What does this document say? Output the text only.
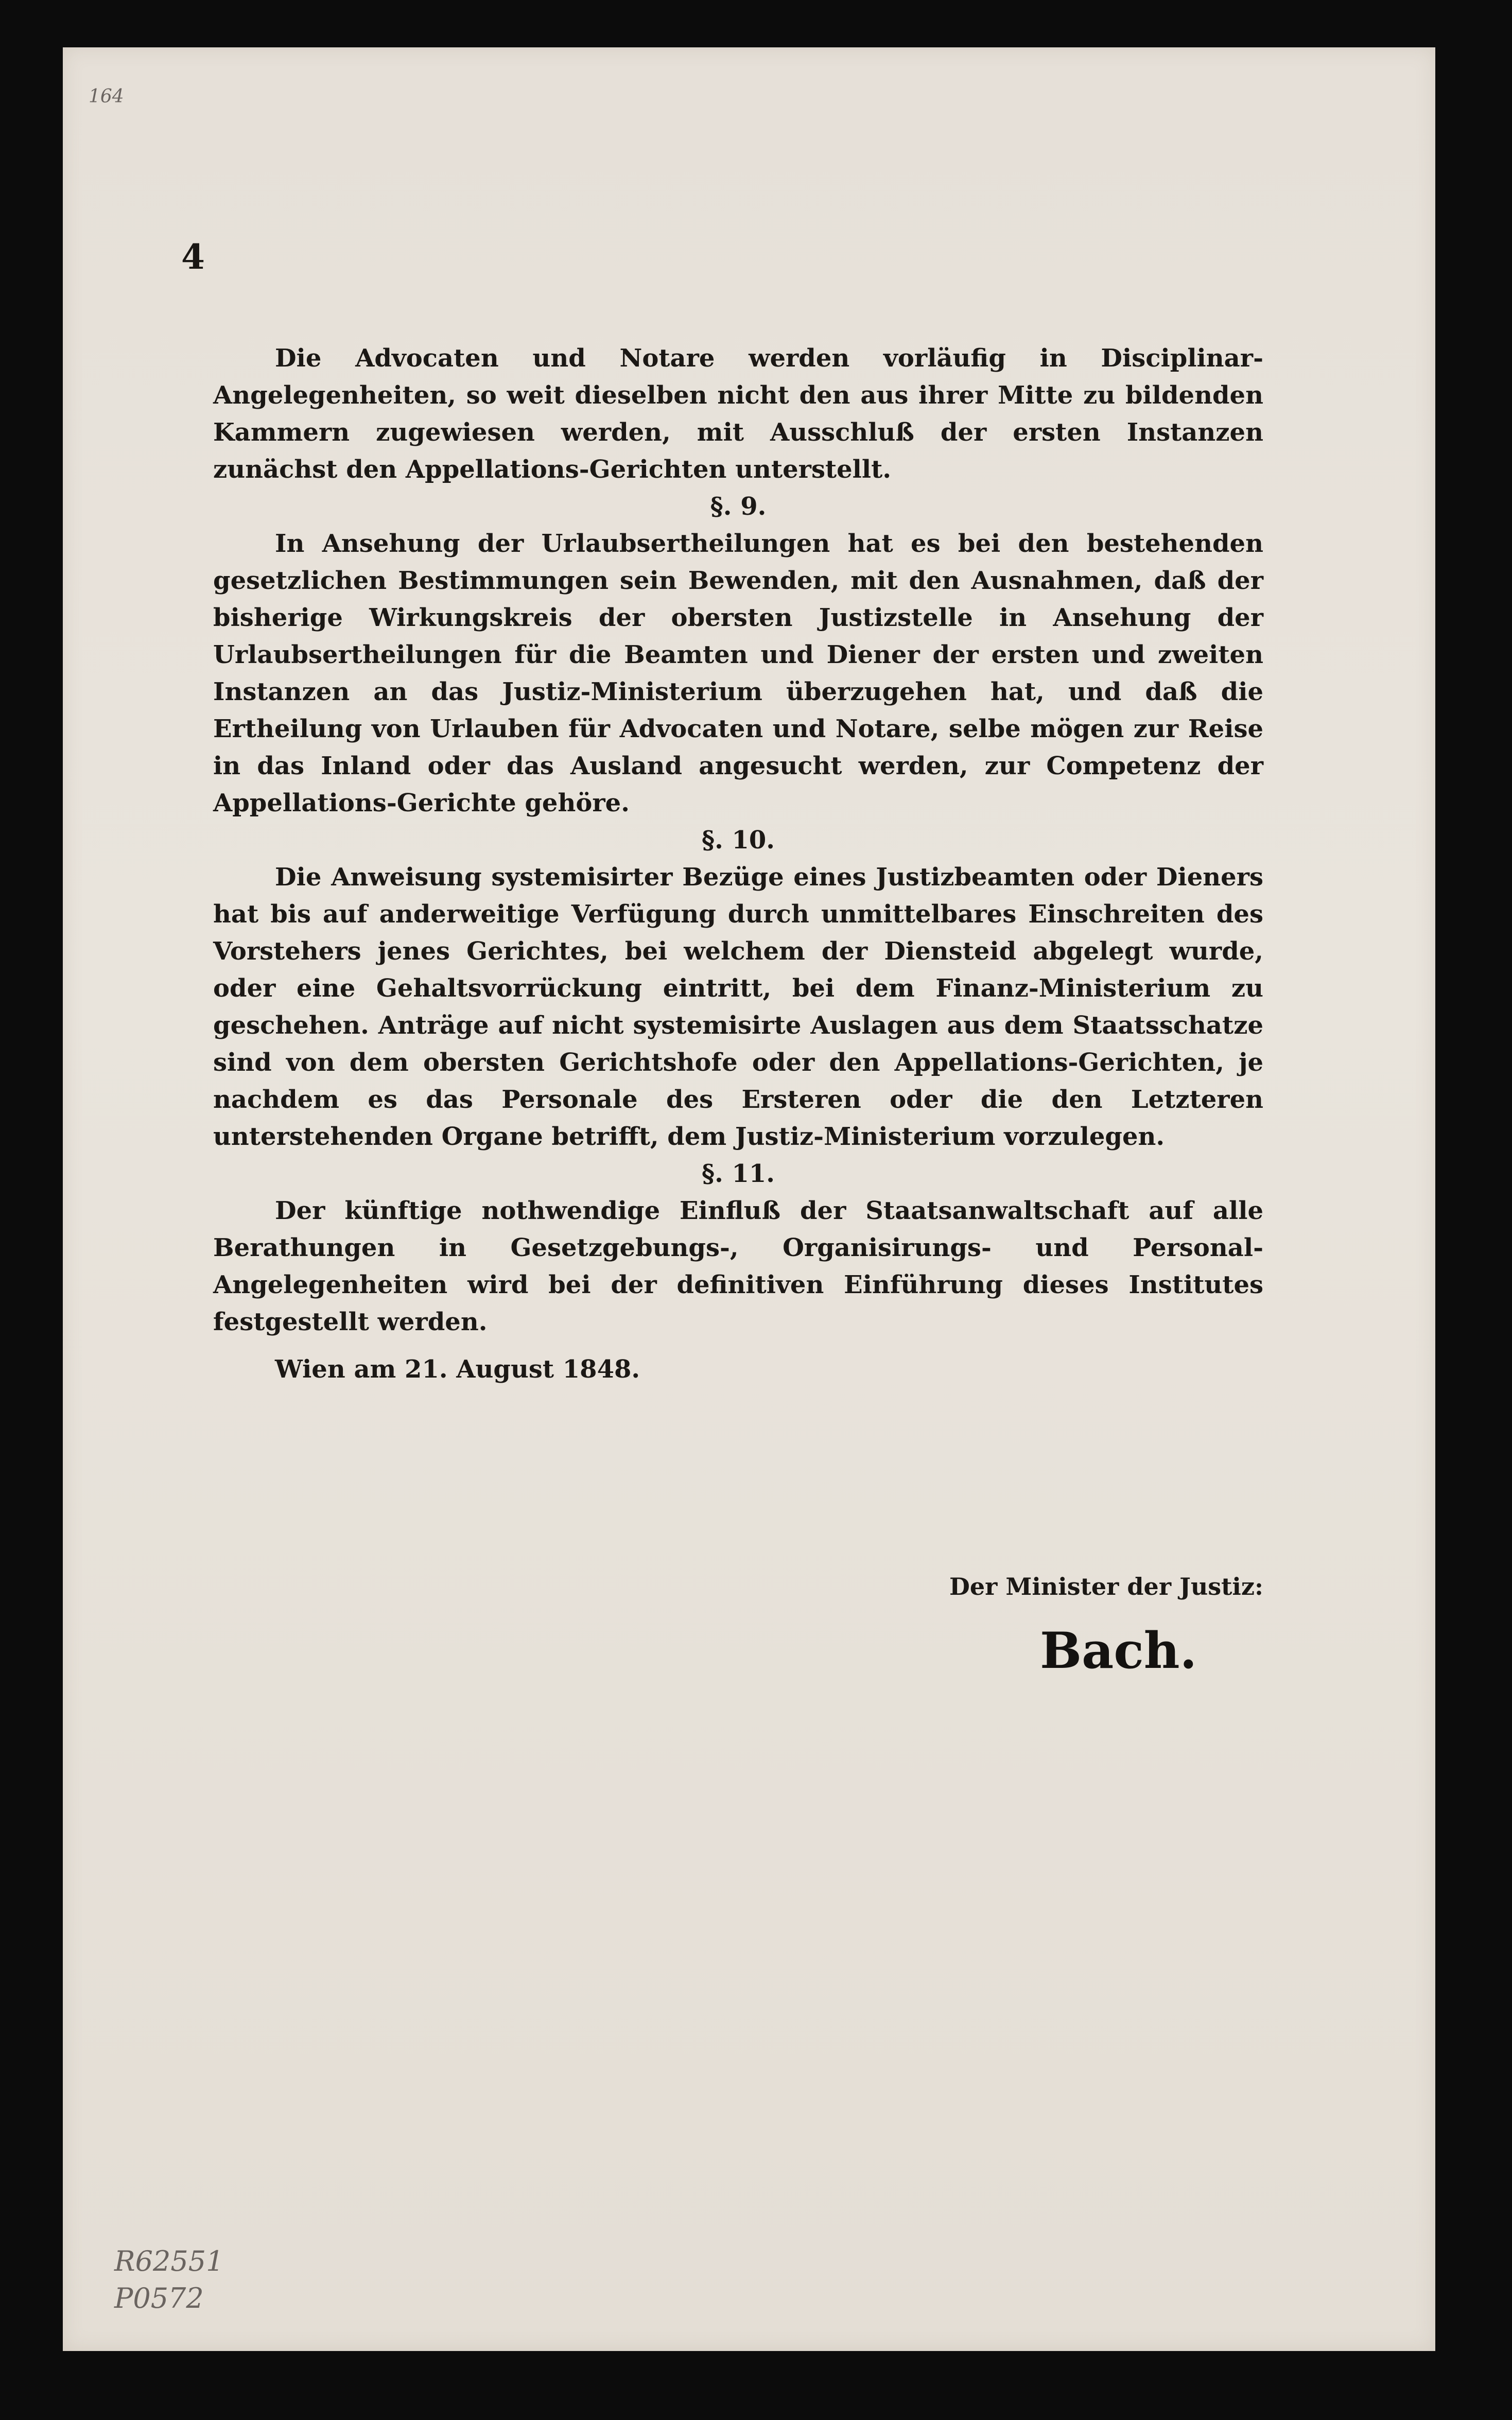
164
R62551
P0572
4

Die Advocaten und Notare werden vorläufig in Disciplinar-Angelegenheiten, so weit dieselben nicht den aus ihrer Mitte zu bildenden Kammern zugewiesen werden, mit Ausschluß der ersten Instanzen zunächst den Appellations-Gerichten unterstellt.

§. 9.

In Ansehung der Urlaubsertheilungen hat es bei den bestehenden gesetzlichen Bestimmungen sein Bewenden, mit den Ausnahmen, daß der bisherige Wirkungskreis der obersten Justizstelle in Ansehung der Urlaubsertheilungen für die Beamten und Diener der ersten und zweiten Instanzen an das Justiz-Ministerium überzugehen hat, und daß die Ertheilung von Urlauben für Advocaten und Notare, selbe mögen zur Reise in das Inland oder das Ausland angesucht werden, zur Competenz der Appellations-Gerichte gehöre.

§. 10.

Die Anweisung systemisirter Bezüge eines Justizbeamten oder Dieners hat bis auf anderweitige Verfügung durch unmittelbares Einschreiten des Vorstehers jenes Gerichtes, bei welchem der Diensteid abgelegt wurde, oder eine Gehaltsvorrückung eintritt, bei dem Finanz-Ministerium zu geschehen. Anträge auf nicht systemisirte Auslagen aus dem Staatsschatze sind von dem obersten Gerichtshofe oder den Appellations-Gerichten, je nachdem es das Personale des Ersteren oder die den Letzteren unterstehenden Organe betrifft, dem Justiz-Ministerium vorzulegen.

§. 11.

Der künftige nothwendige Einfluß der Staatsanwaltschaft auf alle Berathungen in Gesetzgebungs-, Organisirungs- und Personal-Angelegenheiten wird bei der definitiven Einführung dieses Institutes festgestellt werden.

Wien am 21. August 1848.

Der Minister der Justiz:
Bach.
